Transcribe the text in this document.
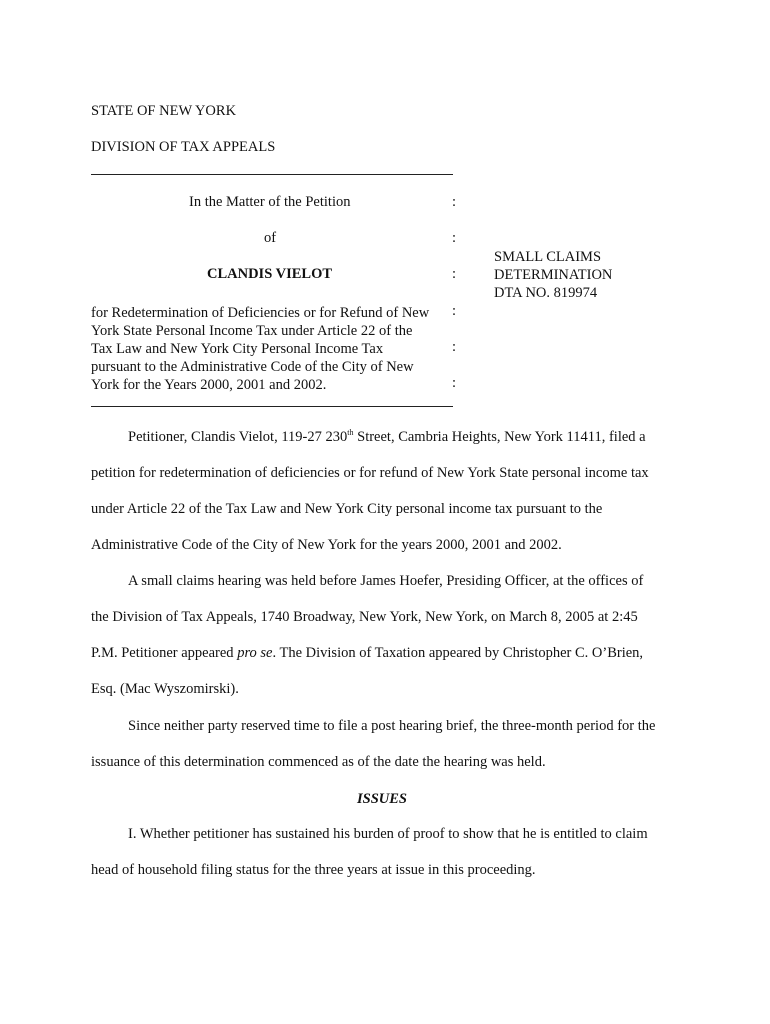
STATE OF NEW YORK
DIVISION OF TAX APPEALS
In the Matter of the Petition
of
CLANDIS VIELOT
:
:
:
:
:
:
for Redetermination of Deficiencies or for Refund of New
York State Personal Income Tax under Article 22 of the
Tax Law and New York City Personal Income Tax
pursuant to the Administrative Code of the City of New
York for the Years 2000, 2001 and 2002.
SMALL CLAIMS
DETERMINATION
DTA NO. 819974
Petitioner, Clandis Vielot, 119-27 230th Street, Cambria Heights, New York 11411, filed a
petition for redetermination of deficiencies or for refund of New York State personal income tax
under Article 22 of the Tax Law and New York City personal income tax pursuant to the
Administrative Code of the City of New York for the years 2000, 2001 and 2002.
A small claims hearing was held before James Hoefer, Presiding Officer, at the offices of
the Division of Tax Appeals, 1740 Broadway, New York, New York, on March 8, 2005 at 2:45
P.M. Petitioner appeared pro se. The Division of Taxation appeared by Christopher C. O’Brien,
Esq. (Mac Wyszomirski).
Since neither party reserved time to file a post hearing brief, the three-month period for the
issuance of this determination commenced as of the date the hearing was held.
ISSUES
I. Whether petitioner has sustained his burden of proof to show that he is entitled to claim
head of household filing status for the three years at issue in this proceeding.
